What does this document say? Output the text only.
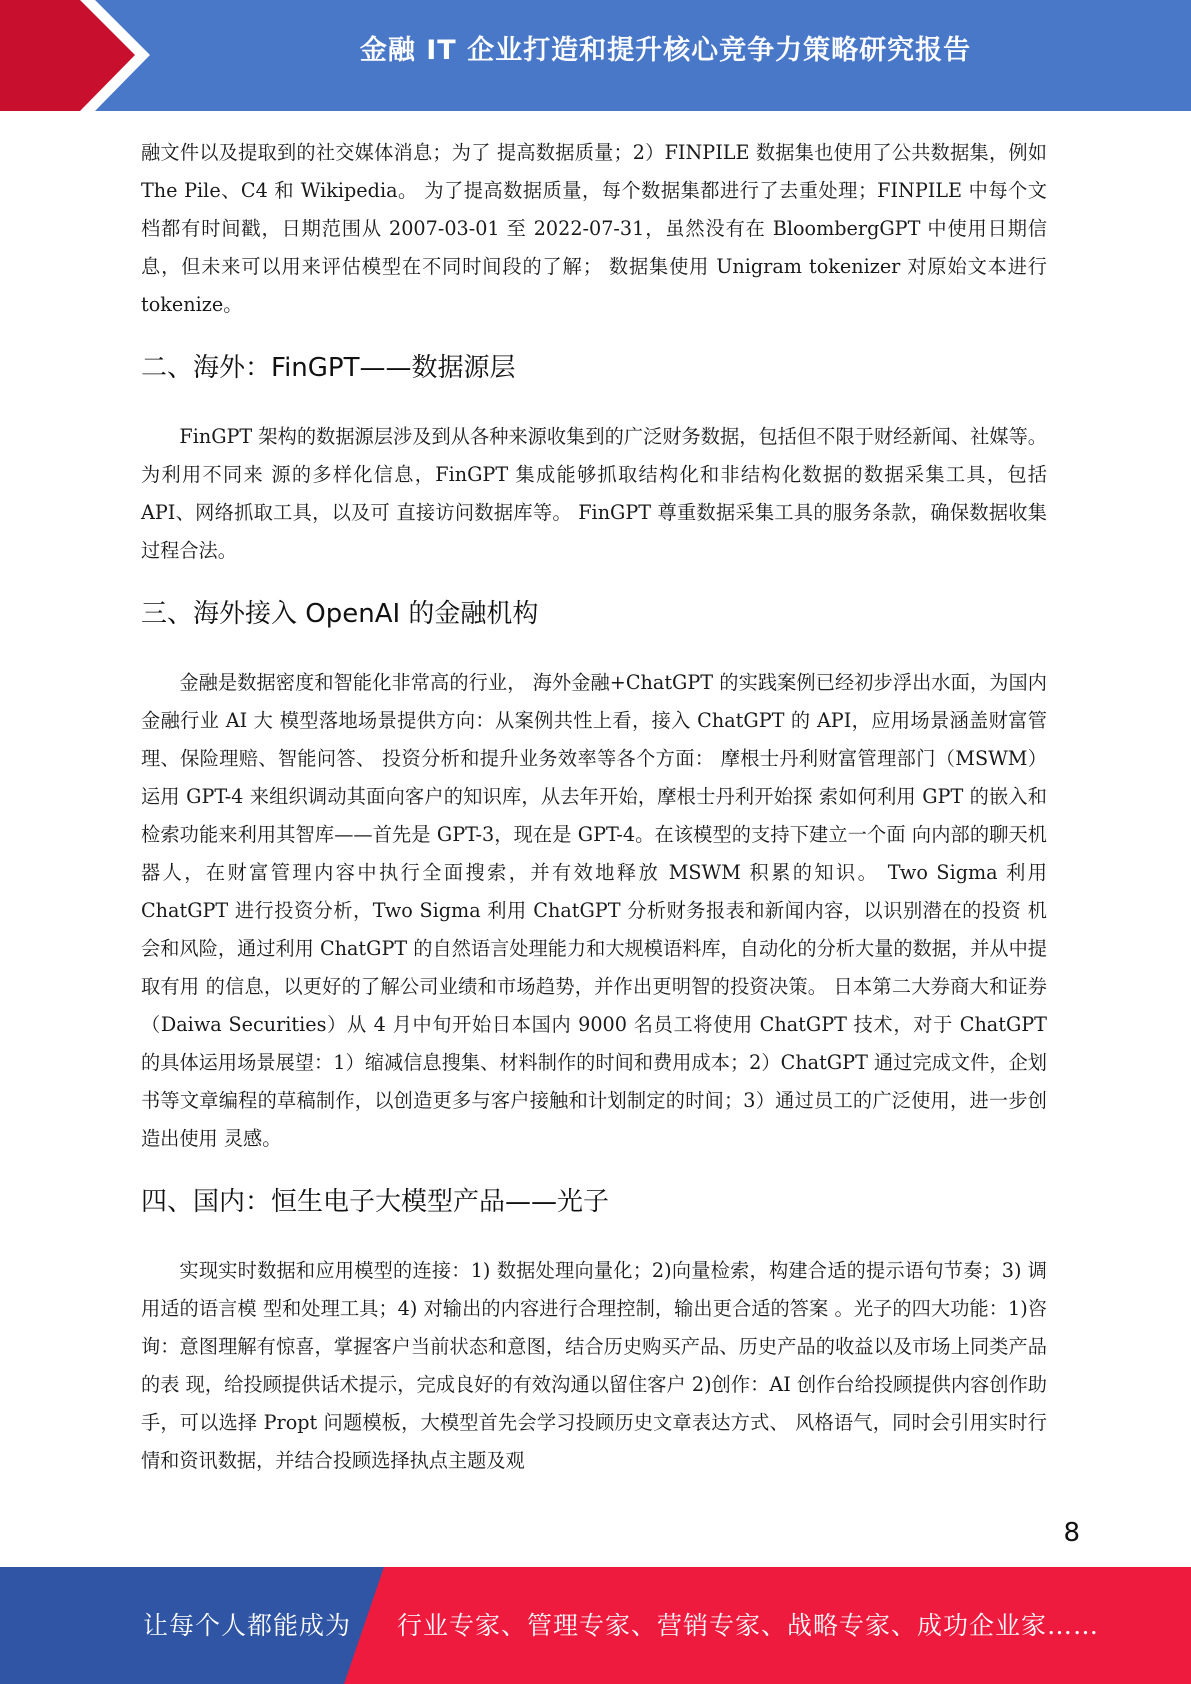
金融 IT 企业打造和提升核心竞争力策略研究报告

融文件以及提取到的社交媒体消息；为了 提高数据质量；2）FINPILE 数据集也使用了公共数据集，例如 The Pile、C4 和 Wikipedia。 为了提高数据质量，每个数据集都进行了去重处理；FINPILE 中每个文档都有时间戳，日期范围从 2007-03-01 至 2022-07-31，虽然没有在 BloombergGPT 中使用日期信 息，但未来可以用来评估模型在不同时间段的了解； 数据集使用 Unigram tokenizer 对原始文本进行 tokenize。

二、海外：FinGPT——数据源层

FinGPT 架构的数据源层涉及到从各种来源收集到的广泛财务数据，包括但不限于财经新闻、社媒等。为利用不同来 源的多样化信息，FinGPT 集成能够抓取结构化和非结构化数据的数据采集工具，包括 API、网络抓取工具，以及可 直接访问数据库等。 FinGPT 尊重数据采集工具的服务条款，确保数据收集过程合法。

三、海外接入 OpenAI 的金融机构

金融是数据密度和智能化非常高的行业， 海外金融+ChatGPT 的实践案例已经初步浮出水面，为国内金融行业 AI 大 模型落地场景提供方向：从案例共性上看，接入 ChatGPT 的 API，应用场景涵盖财富管理、保险理赔、智能问答、 投资分析和提升业务效率等各个方面： 摩根士丹利财富管理部门（MSWM）运用 GPT-4 来组织调动其面向客户的知识库，从去年开始，摩根士丹利开始探 索如何利用 GPT 的嵌入和检索功能来利用其智库——首先是 GPT-3，现在是 GPT-4。在该模型的支持下建立一个面 向内部的聊天机器人，在财富管理内容中执行全面搜索，并有效地释放 MSWM 积累的知识。 Two Sigma 利用 ChatGPT 进行投资分析，Two Sigma 利用 ChatGPT 分析财务报表和新闻内容，以识别潜在的投资 机会和风险，通过利用 ChatGPT 的自然语言处理能力和大规模语料库，自动化的分析大量的数据，并从中提取有用 的信息，以更好的了解公司业绩和市场趋势，并作出更明智的投资决策。 日本第二大券商大和证券（Daiwa Securities）从 4 月中旬开始日本国内 9000 名员工将使用 ChatGPT 技术，对于 ChatGPT 的具体运用场景展望：1）缩减信息搜集、材料制作的时间和费用成本；2）ChatGPT 通过完成文件，企划 书等文章编程的草稿制作，以创造更多与客户接触和计划制定的时间；3）通过员工的广泛使用，进一步创造出使用 灵感。

四、国内：恒生电子大模型产品——光子

实现实时数据和应用模型的连接：1) 数据处理向量化；2)向量检索，构建合适的提示语句节奏；3) 调用适的语言模 型和处理工具；4) 对输出的内容进行合理控制，输出更合适的答案 。光子的四大功能：1)咨询：意图理解有惊喜，掌握客户当前状态和意图，结合历史购买产品、历史产品的收益以及市场上同类产品的表 现，给投顾提供话术提示，完成良好的有效沟通以留住客户 2)创作：AI 创作台给投顾提供内容创作助手，可以选择 Propt 问题模板，大模型首先会学习投顾历史文章表达方式、 风格语气，同时会引用实时行情和资讯数据，并结合投顾选择执点主题及观

8
让每个人都能成为 行业专家、管理专家、营销专家、战略专家、成功企业家……
